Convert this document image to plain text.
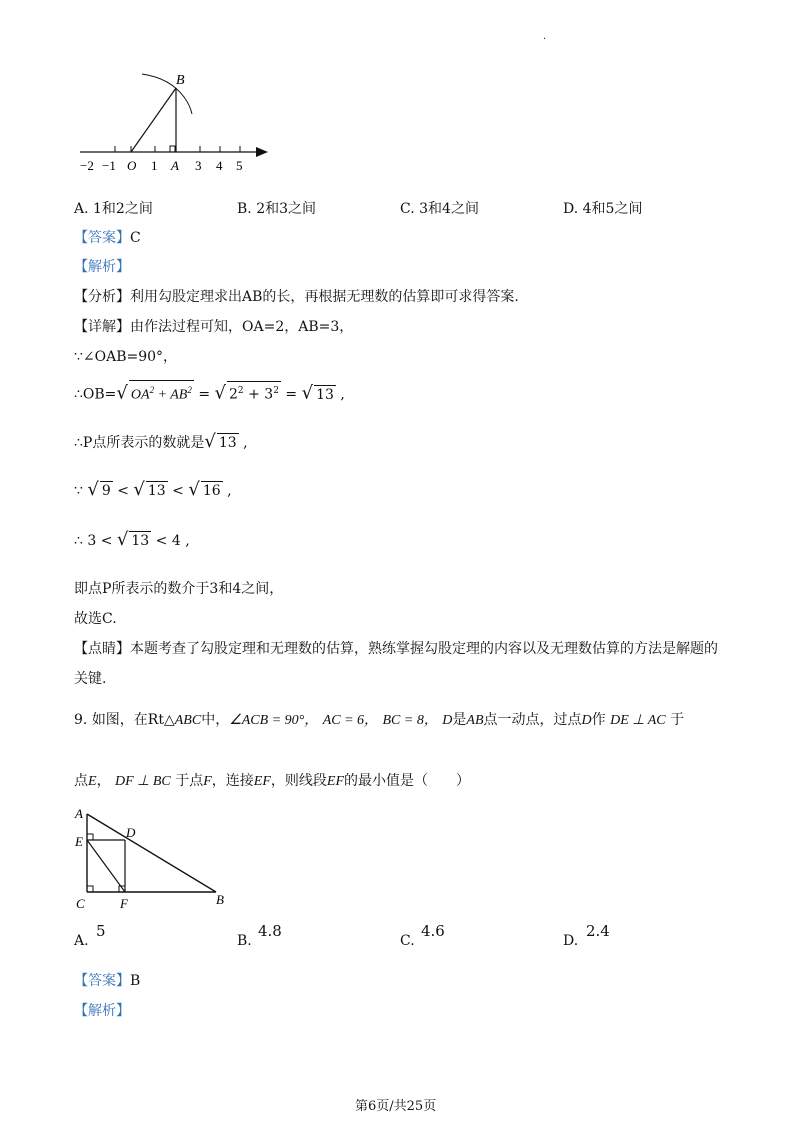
.
B
−2 −1 O 1 A 3 4 5
A. 1和2之间	B. 2和3之间	C. 3和4之间	D. 4和5之间
【答案】C
【解析】
【分析】利用勾股定理求出AB的长，再根据无理数的估算即可求得答案.
【详解】由作法过程可知，OA=2，AB=3，
∵∠OAB=90°，
∴OB=√ $OA^2 + AB^2$ = √ $2^2 + 3^2$ = √ 13 ,
∴P点所表示的数就是√ 13 ,
∵ √ 9 < √ 13 < √ 16 ,
∴ 3 < √ 13 < 4 ,
即点P所表示的数介于3和4之间，
故选C.
【点睛】本题考查了勾股定理和无理数的估算，熟练掌握勾股定理的内容以及无理数估算的方法是解题的
关键.
9. 如图，在Rt△ABC中，∠ACB = 90°， AC = 6， BC = 8， D是AB点一动点，过点D作 DE ⊥ AC 于
点E， DF ⊥ BC 于点F，连接EF，则线段EF的最小值是（　　）
A
E
D
C	F	B
A.
5
B.
4.8
C.
4.6
D.
2.4
【答案】B
【解析】
第6页/共25页
